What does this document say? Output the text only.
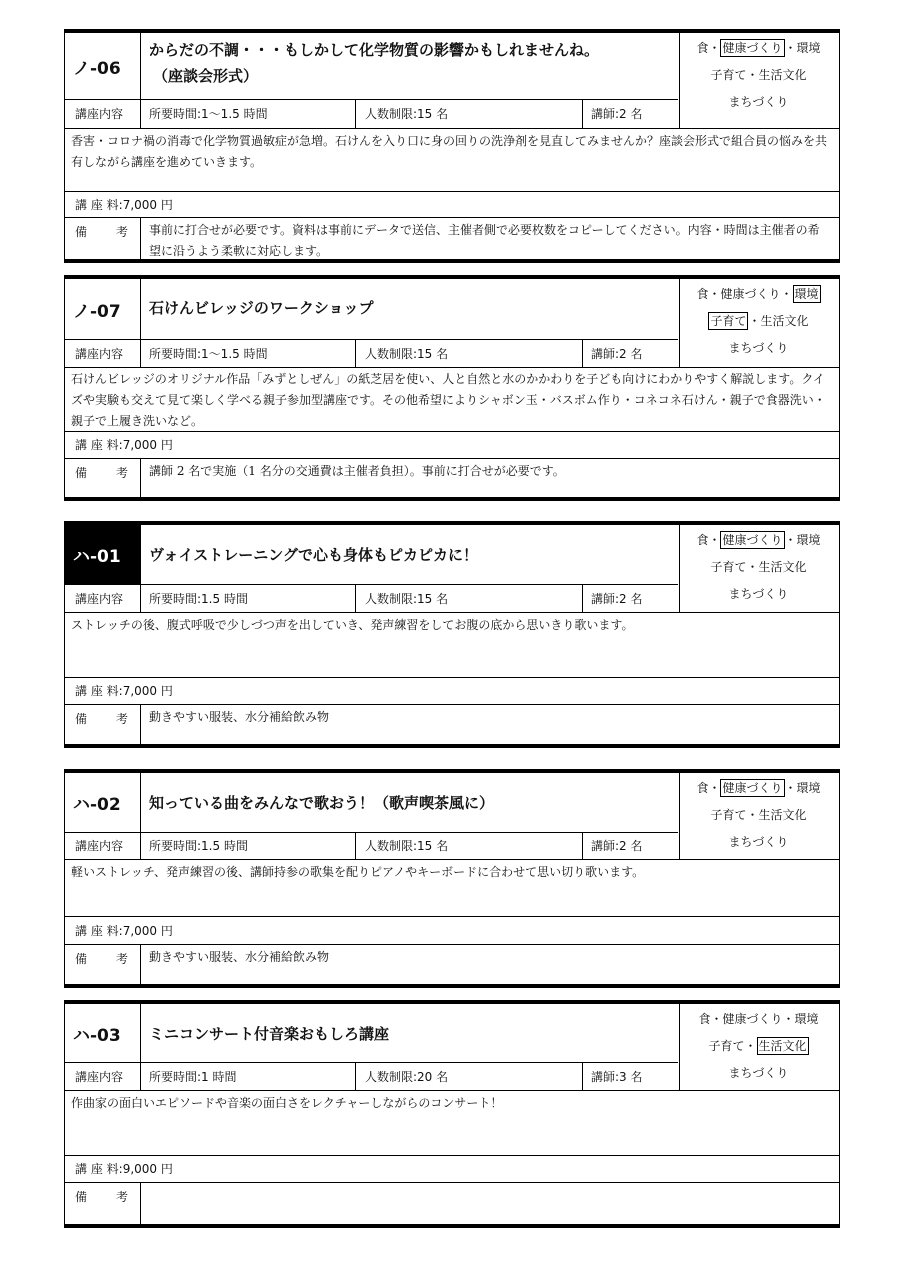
ノ-06
からだの不調・・・もしかして化学物質の影響かもしれませんね。
（座談会形式）
食・ 健康づくり ・環境
子育て・生活文化
まちづくり
講座内容	所要時間:1〜1.5 時間	人数制限:15 名	講師:2 名
香害・コロナ禍の消毒で化学物質過敏症が急増。石けんを入り口に身の回りの洗浄剤を見直してみませんか？座談会形式で組合員の悩みを共有しながら講座を進めていきます。
講 座 料: 7,000 円
備 考 事前に打合せが必要です。資料は事前にデータで送信、主催者側で必要枚数をコピーしてください。内容・時間は主催者の希望に沿うよう柔軟に対応します。
ノ-07	石けんビレッジのワークショップ
食・健康づくり・ 環境
子育て ・生活文化
まちづくり
講座内容	所要時間:1〜1.5 時間	人数制限:15 名	講師:2 名
石けんビレッジのオリジナル作品「みずとしぜん」の紙芝居を使い、人と自然と水のかかわりを子ども向けにわかりやすく解説します。クイズや実験も交えて見て楽しく学べる親子参加型講座です。その他希望によりシャボン玉・バスボム作り・コネコネ石けん・親子で食器洗い・親子で上履き洗いなど。
講 座 料: 7,000 円
備 考 講師 2 名で実施（1 名分の交通費は主催者負担）。事前に打合せが必要です。
ハ-01	ヴォイストレーニングで心も身体もピカピカに！
食・ 健康づくり ・環境
子育て・生活文化
まちづくり
講座内容	所要時間:1.5 時間	人数制限:15 名	講師:2 名
ストレッチの後、腹式呼吸で少しづつ声を出していき、発声練習をしてお腹の底から思いきり歌います。
講 座 料: 7,000 円
備 考 動きやすい服装、水分補給飲み物
ハ-02	知っている曲をみんなで歌おう！（歌声喫茶風に）
食・ 健康づくり ・環境
子育て・生活文化
まちづくり
講座内容	所要時間:1.5 時間	人数制限:15 名	講師:2 名
軽いストレッチ、発声練習の後、講師持参の歌集を配りピアノやキーボードに合わせて思い切り歌います。
講 座 料: 7,000 円
備 考 動きやすい服装、水分補給飲み物
ハ-03	ミニコンサート付音楽おもしろ講座
食・健康づくり・環境
子育て・ 生活文化
まちづくり
講座内容	所要時間:1 時間	人数制限:20 名	講師:3 名
作曲家の面白いエピソードや音楽の面白さをレクチャーしながらのコンサート！
講 座 料: 9,000 円
備 考
